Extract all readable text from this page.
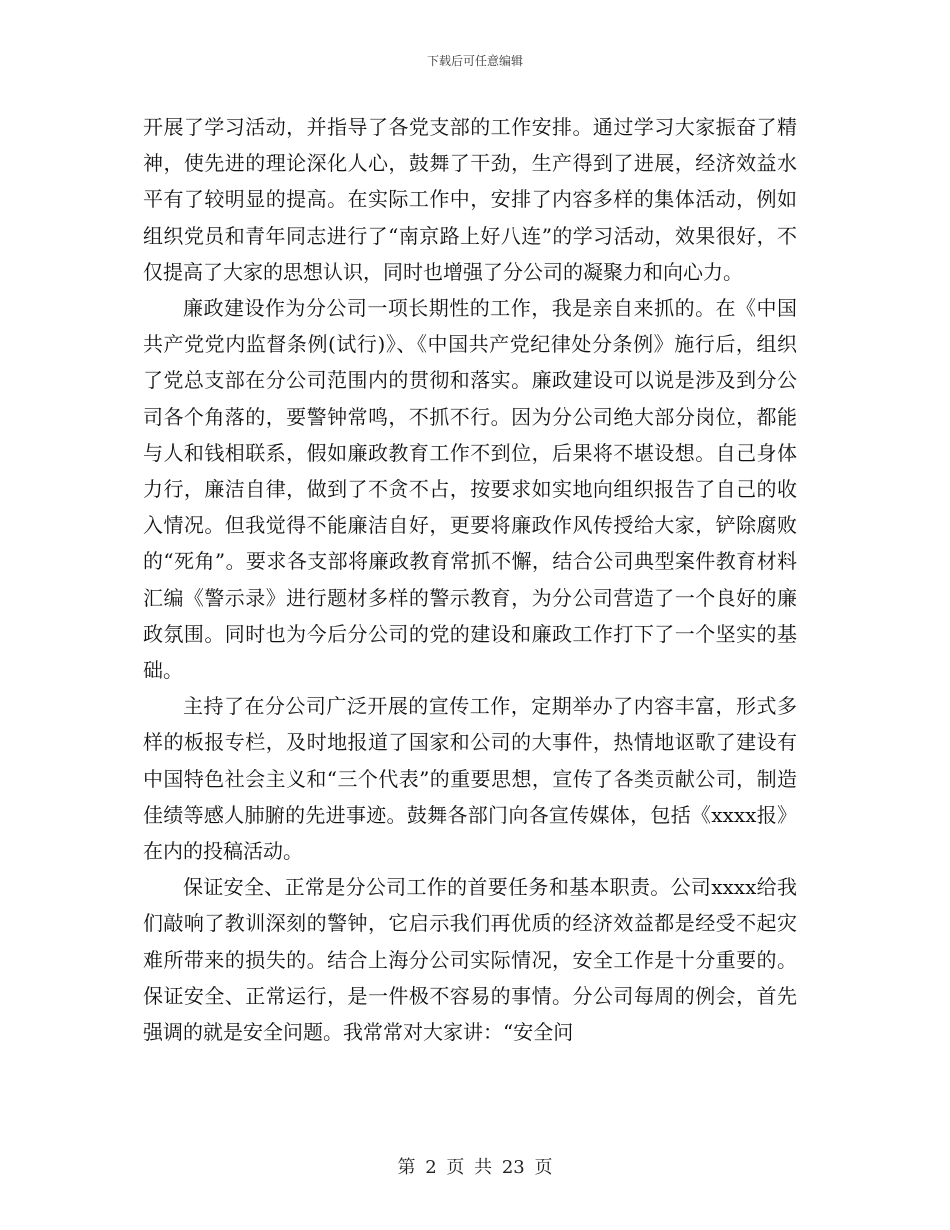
下载后可任意编辑

开展了学习活动，并指导了各党支部的工作安排。通过学习大家振奋了精神，使先进的理论深化人心，鼓舞了干劲，生产得到了进展，经济效益水平有了较明显的提高。在实际工作中，安排了内容多样的集体活动，例如组织党员和青年同志进行了“南京路上好八连”的学习活动，效果很好，不仅提高了大家的思想认识，同时也增强了分公司的凝聚力和向心力。

廉政建设作为分公司一项长期性的工作，我是亲自来抓的。在《中国共产党党内监督条例(试行)》、《中国共产党纪律处分条例》施行后，组织了党总支部在分公司范围内的贯彻和落实。廉政建设可以说是涉及到分公司各个角落的，要警钟常鸣，不抓不行。因为分公司绝大部分岗位，都能与人和钱相联系，假如廉政教育工作不到位，后果将不堪设想。自己身体力行，廉洁自律，做到了不贪不占，按要求如实地向组织报告了自己的收入情况。但我觉得不能廉洁自好，更要将廉政作风传授给大家，铲除腐败的“死角”。要求各支部将廉政教育常抓不懈，结合公司典型案件教育材料汇编《警示录》进行题材多样的警示教育，为分公司营造了一个良好的廉政氛围。同时也为今后分公司的党的建设和廉政工作打下了一个坚实的基础。

主持了在分公司广泛开展的宣传工作，定期举办了内容丰富，形式多样的板报专栏，及时地报道了国家和公司的大事件，热情地讴歌了建设有中国特色社会主义和“三个代表”的重要思想，宣传了各类贡献公司，制造佳绩等感人肺腑的先进事迹。鼓舞各部门向各宣传媒体，包括《xxxx报》在内的投稿活动。

保证安全、正常是分公司工作的首要任务和基本职责。公司xxxx给我们敲响了教训深刻的警钟，它启示我们再优质的经济效益都是经受不起灾难所带来的损失的。结合上海分公司实际情况，安全工作是十分重要的。保证安全、正常运行，是一件极不容易的事情。分公司每周的例会，首先强调的就是安全问题。我常常对大家讲：“安全问

第 2 页 共 23 页
